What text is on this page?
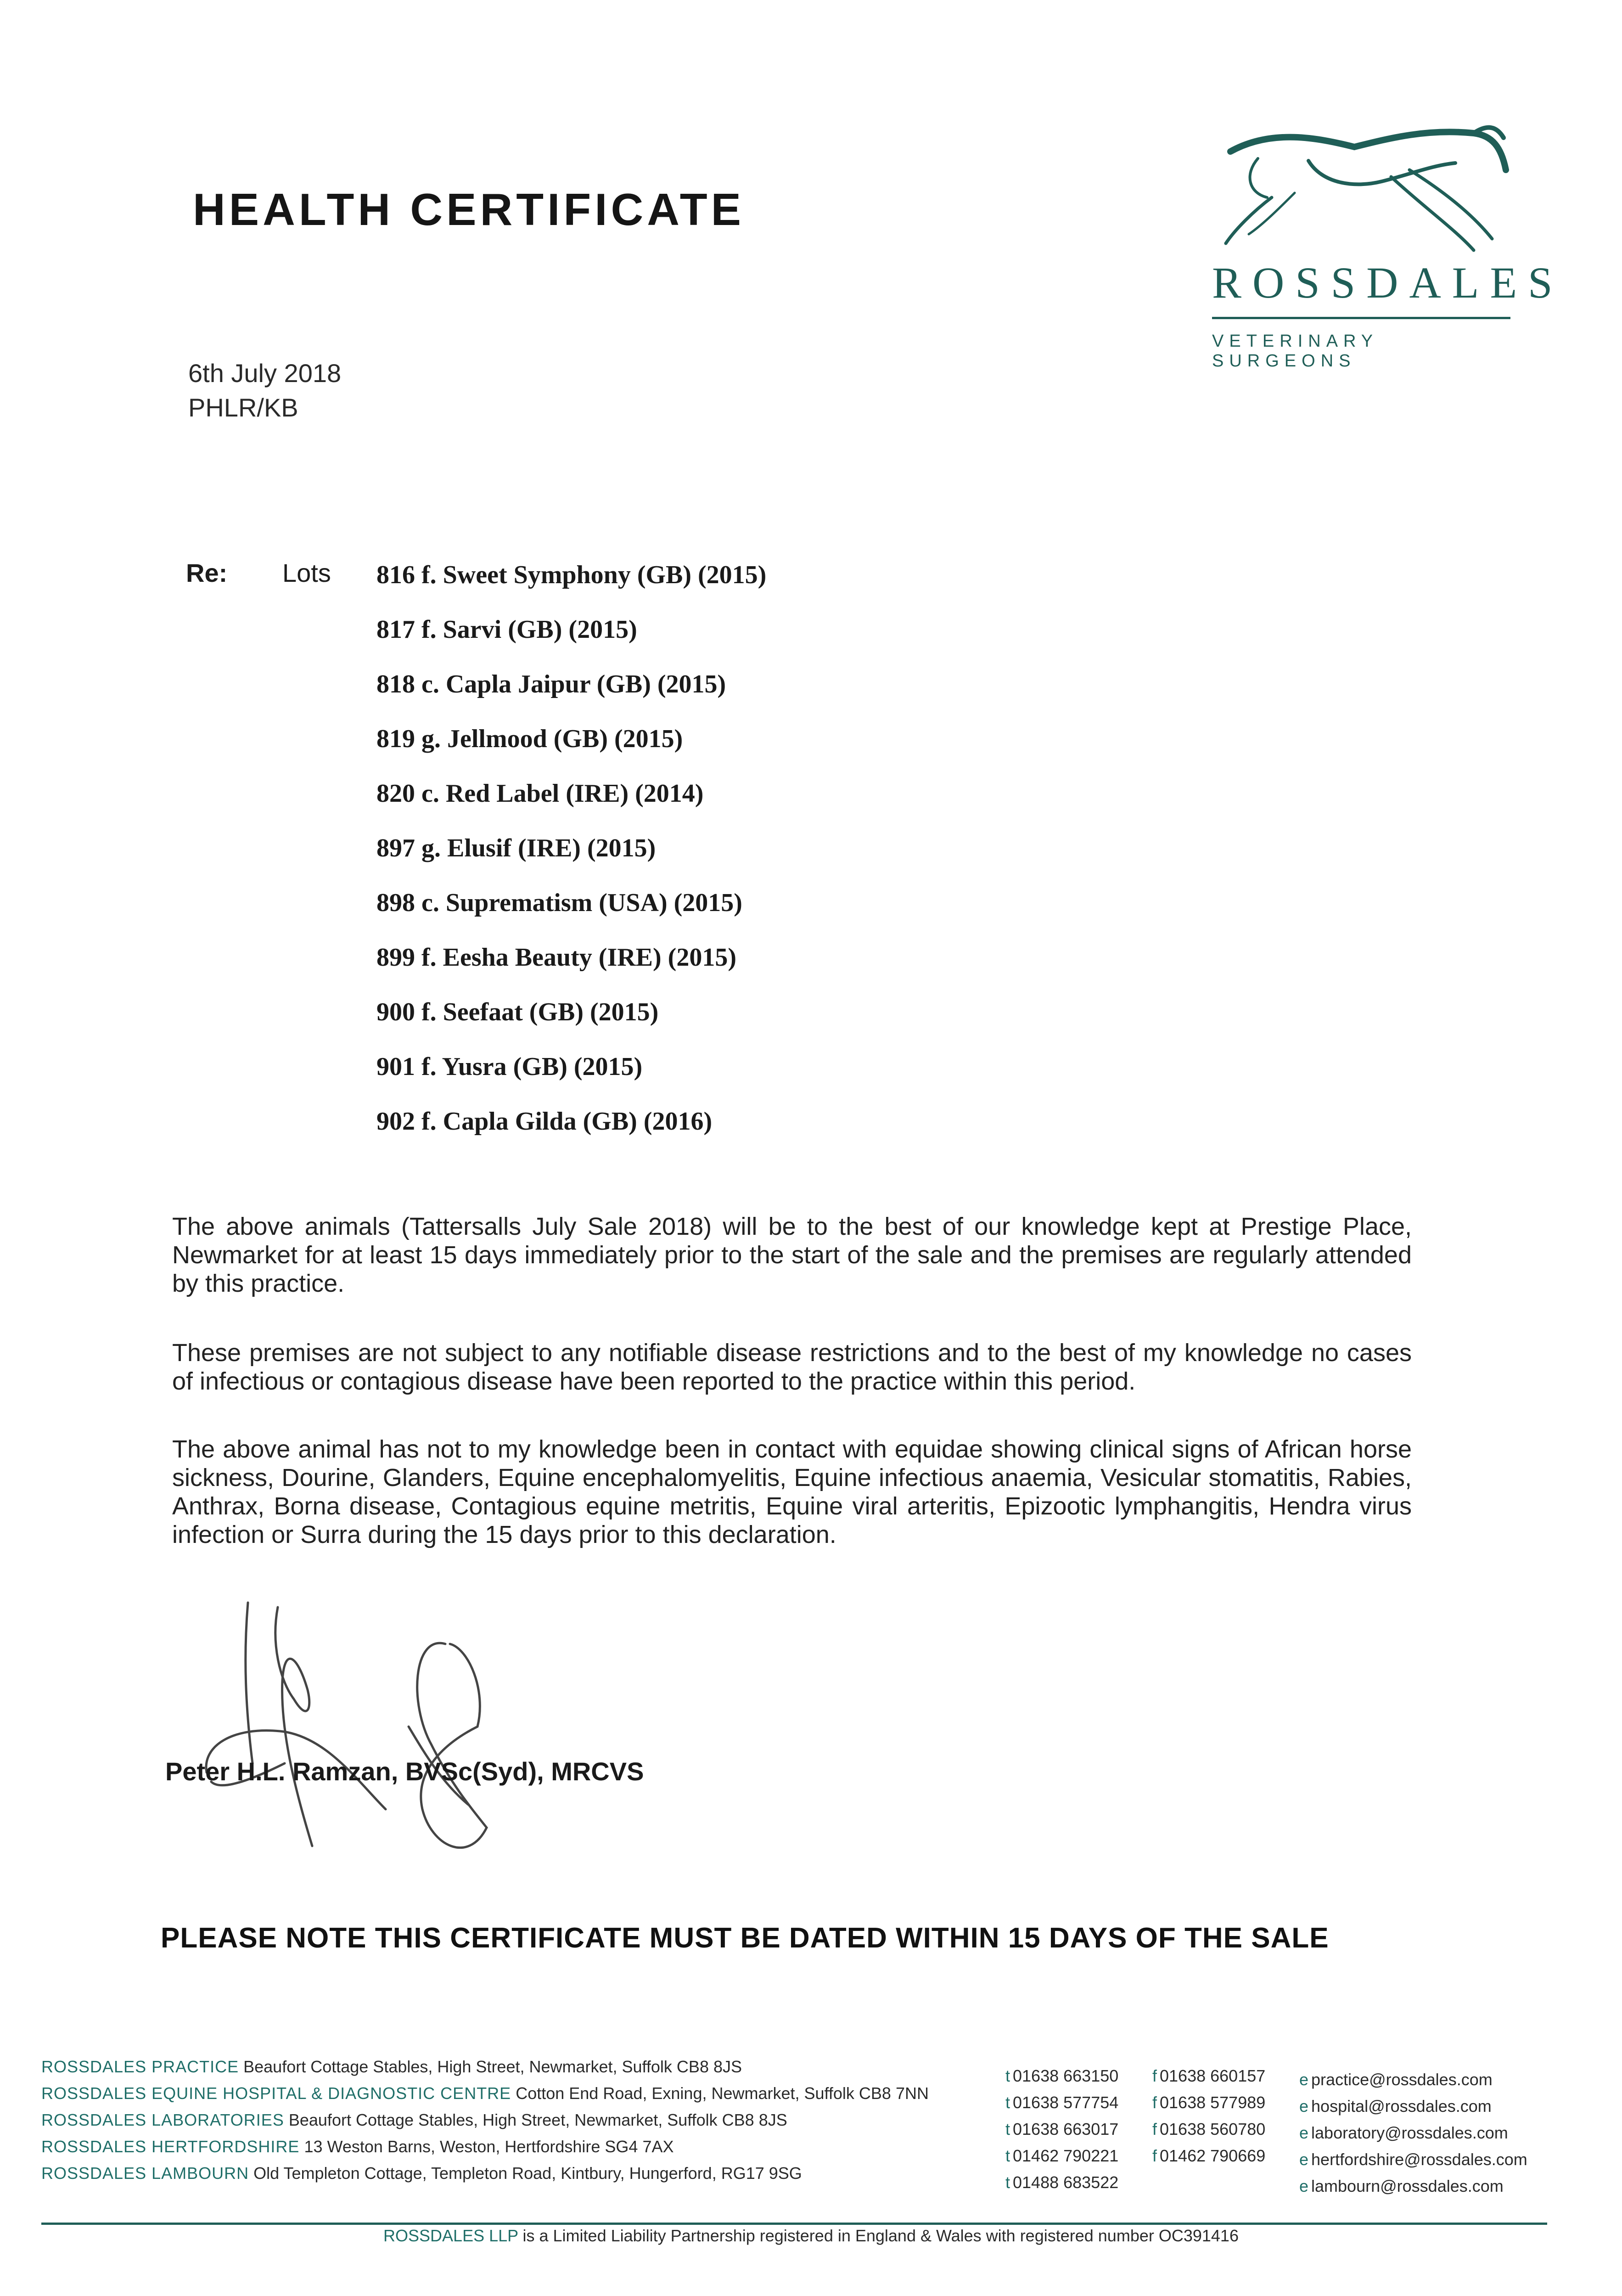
HEALTH CERTIFICATE
ROSSDALES
VETERINARY SURGEONS
6th July 2018
PHLR/KB
Re: Lots 816 f. Sweet Symphony (GB) (2015)
817 f. Sarvi (GB) (2015)
818 c. Capla Jaipur (GB) (2015)
819 g. Jellmood (GB) (2015)
820 c. Red Label (IRE) (2014)
897 g. Elusif (IRE) (2015)
898 c. Suprematism (USA) (2015)
899 f. Eesha Beauty (IRE) (2015)
900 f. Seefaat (GB) (2015)
901 f. Yusra (GB) (2015)
902 f. Capla Gilda (GB) (2016)
The above animals (Tattersalls July Sale 2018) will be to the best of our knowledge kept at Prestige Place, Newmarket for at least 15 days immediately prior to the start of the sale and the premises are regularly attended by this practice.
These premises are not subject to any notifiable disease restrictions and to the best of my knowledge no cases of infectious or contagious disease have been reported to the practice within this period.
The above animal has not to my knowledge been in contact with equidae showing clinical signs of African horse sickness, Dourine, Glanders, Equine encephalomyelitis, Equine infectious anaemia, Vesicular stomatitis, Rabies, Anthrax, Borna disease, Contagious equine metritis, Equine viral arteritis, Epizootic lymphangitis, Hendra virus infection or Surra during the 15 days prior to this declaration.
Peter H.L. Ramzan, BVSc(Syd), MRCVS
PLEASE NOTE THIS CERTIFICATE MUST BE DATED WITHIN 15 DAYS OF THE SALE
ROSSDALES PRACTICE Beaufort Cottage Stables, High Street, Newmarket, Suffolk CB8 8JS
ROSSDALES EQUINE HOSPITAL & DIAGNOSTIC CENTRE Cotton End Road, Exning, Newmarket, Suffolk CB8 7NN
ROSSDALES LABORATORIES Beaufort Cottage Stables, High Street, Newmarket, Suffolk CB8 8JS
ROSSDALES HERTFORDSHIRE 13 Weston Barns, Weston, Hertfordshire SG4 7AX
ROSSDALES LAMBOURN Old Templeton Cottage, Templeton Road, Kintbury, Hungerford, RG17 9SG
t 01638 663150
t 01638 577754
t 01638 663017
t 01462 790221
t 01488 683522
f 01638 660157
f 01638 577989
f 01638 560780
f 01462 790669
e practice@rossdales.com
e hospital@rossdales.com
e laboratory@rossdales.com
e hertfordshire@rossdales.com
e lambourn@rossdales.com
ROSSDALES LLP is a Limited Liability Partnership registered in England & Wales with registered number OC391416
